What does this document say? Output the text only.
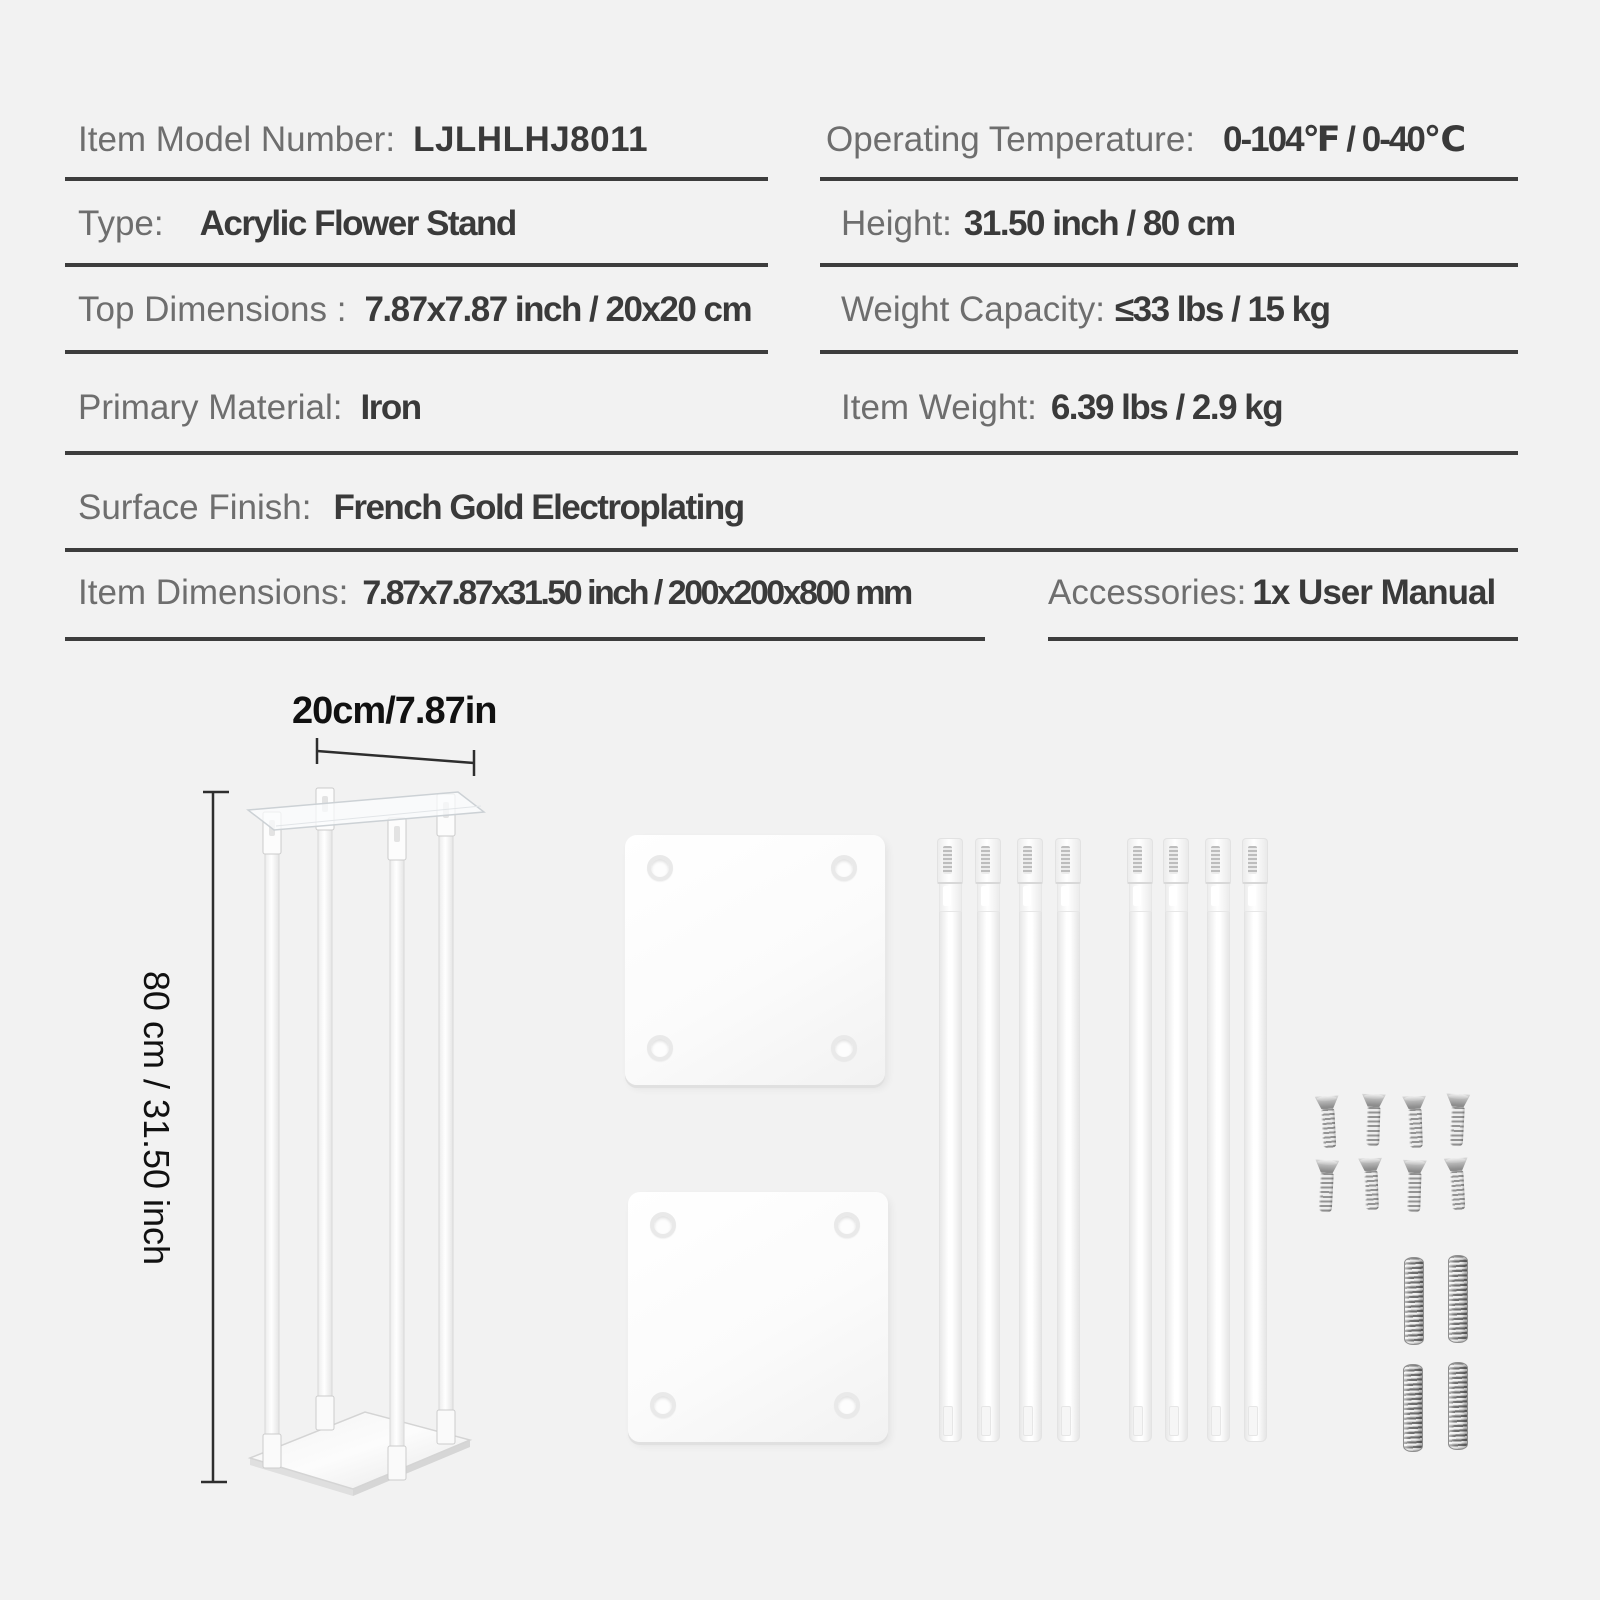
Item Model Number: LJLHLHJ8011
Type: Acrylic Flower Stand
Top Dimensions : 7.87x7.87 inch / 20x20 cm
Primary Material: Iron
Surface Finish: French Gold Electroplating
Item Dimensions: 7.87x7.87x31.50 inch / 200x200x800 mm
Operating Temperature: 0-104℉ / 0-40℃
Height: 31.50 inch / 80 cm
Weight Capacity: ≤33 lbs / 15 kg
Item Weight: 6.39 lbs / 2.9 kg
Accessories: 1x User Manual
20cm/7.87in
80 cm / 31.50 inch
